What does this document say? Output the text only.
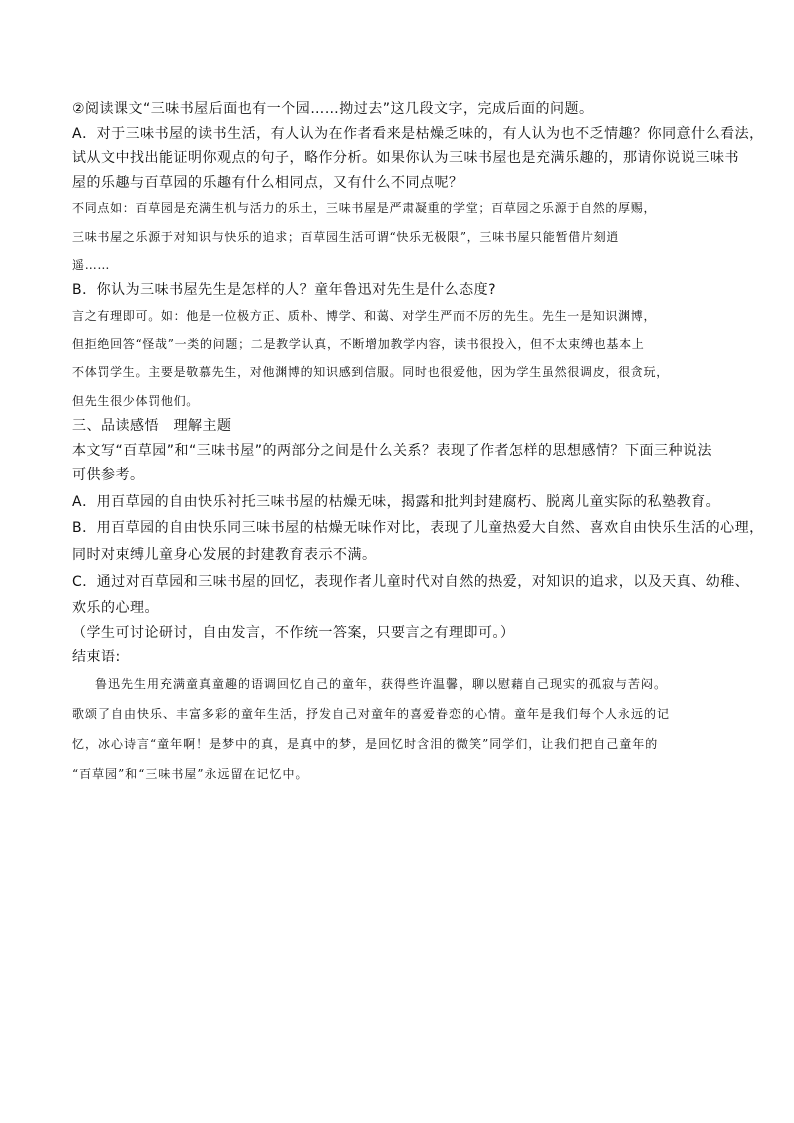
②阅读课文“三味书屋后面也有一个园……拗过去”这几段文字，完成后面的问题。

A．对于三味书屋的读书生活，有人认为在作者看来是枯燥乏味的，有人认为也不乏情趣？你同意什么看法，

试从文中找出能证明你观点的句子，略作分析。如果你认为三味书屋也是充满乐趣的，那请你说说三味书

屋的乐趣与百草园的乐趣有什么相同点，又有什么不同点呢？

不同点如：百草园是充满生机与活力的乐土，三味书屋是严肃凝重的学堂；百草园之乐源于自然的厚赐，

三味书屋之乐源于对知识与快乐的追求；百草园生活可谓“快乐无极限”，三味书屋只能暂借片刻逍

遥……

B．你认为三味书屋先生是怎样的人？童年鲁迅对先生是什么态度?

言之有理即可。如：他是一位极方正、质朴、博学、和蔼、对学生严而不厉的先生。先生一是知识渊博，

但拒绝回答“怪哉”一类的问题；二是教学认真，不断增加教学内容，读书很投入，但不太束缚也基本上

不体罚学生。主要是敬慕先生，对他渊博的知识感到信服。同时也很爱他，因为学生虽然很调皮，很贪玩，

但先生很少体罚他们。

三、品读感悟　理解主题

本文写“百草园”和“三味书屋”的两部分之间是什么关系？表现了作者怎样的思想感情？下面三种说法

可供参考。

A．用百草园的自由快乐衬托三味书屋的枯燥无味，揭露和批判封建腐朽、脱离儿童实际的私塾教育。

B．用百草园的自由快乐同三味书屋的枯燥无味作对比，表现了儿童热爱大自然、喜欢自由快乐生活的心理，

同时对束缚儿童身心发展的封建教育表示不满。

C．通过对百草园和三味书屋的回忆，表现作者儿童时代对自然的热爱，对知识的追求，以及天真、幼稚、

欢乐的心理。

（学生可讨论研讨，自由发言，不作统一答案，只要言之有理即可。）

结束语:

鲁迅先生用充满童真童趣的语调回忆自己的童年，获得些许温馨，聊以慰藉自己现实的孤寂与苦闷。

歌颂了自由快乐、丰富多彩的童年生活，抒发自己对童年的喜爱眷恋的心情。童年是我们每个人永远的记

忆，冰心诗言“童年啊！是梦中的真，是真中的梦，是回忆时含泪的微笑”同学们，让我们把自己童年的

“百草园”和“三味书屋”永远留在记忆中。
